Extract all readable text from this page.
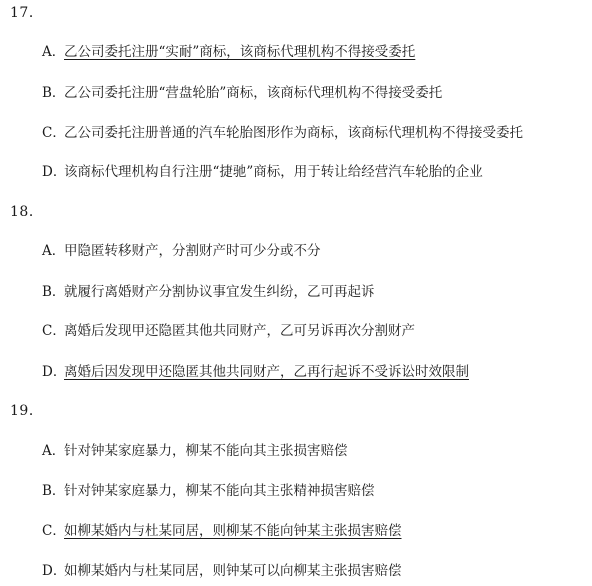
17．
A．乙公司委托注册“实耐”商标，该商标代理机构不得接受委托
B．乙公司委托注册“营盘轮胎”商标，该商标代理机构不得接受委托
C．乙公司委托注册普通的汽车轮胎图形作为商标，该商标代理机构不得接受委托
D．该商标代理机构自行注册“捷驰”商标，用于转让给经营汽车轮胎的企业
18．
A．甲隐匿转移财产，分割财产时可少分或不分
B．就履行离婚财产分割协议事宜发生纠纷，乙可再起诉
C．离婚后发现甲还隐匿其他共同财产，乙可另诉再次分割财产
D．离婚后因发现甲还隐匿其他共同财产，乙再行起诉不受诉讼时效限制
19．
A．针对钟某家庭暴力，柳某不能向其主张损害赔偿
B．针对钟某家庭暴力，柳某不能向其主张精神损害赔偿
C．如柳某婚内与杜某同居，则柳某不能向钟某主张损害赔偿
D．如柳某婚内与杜某同居，则钟某可以向柳某主张损害赔偿
